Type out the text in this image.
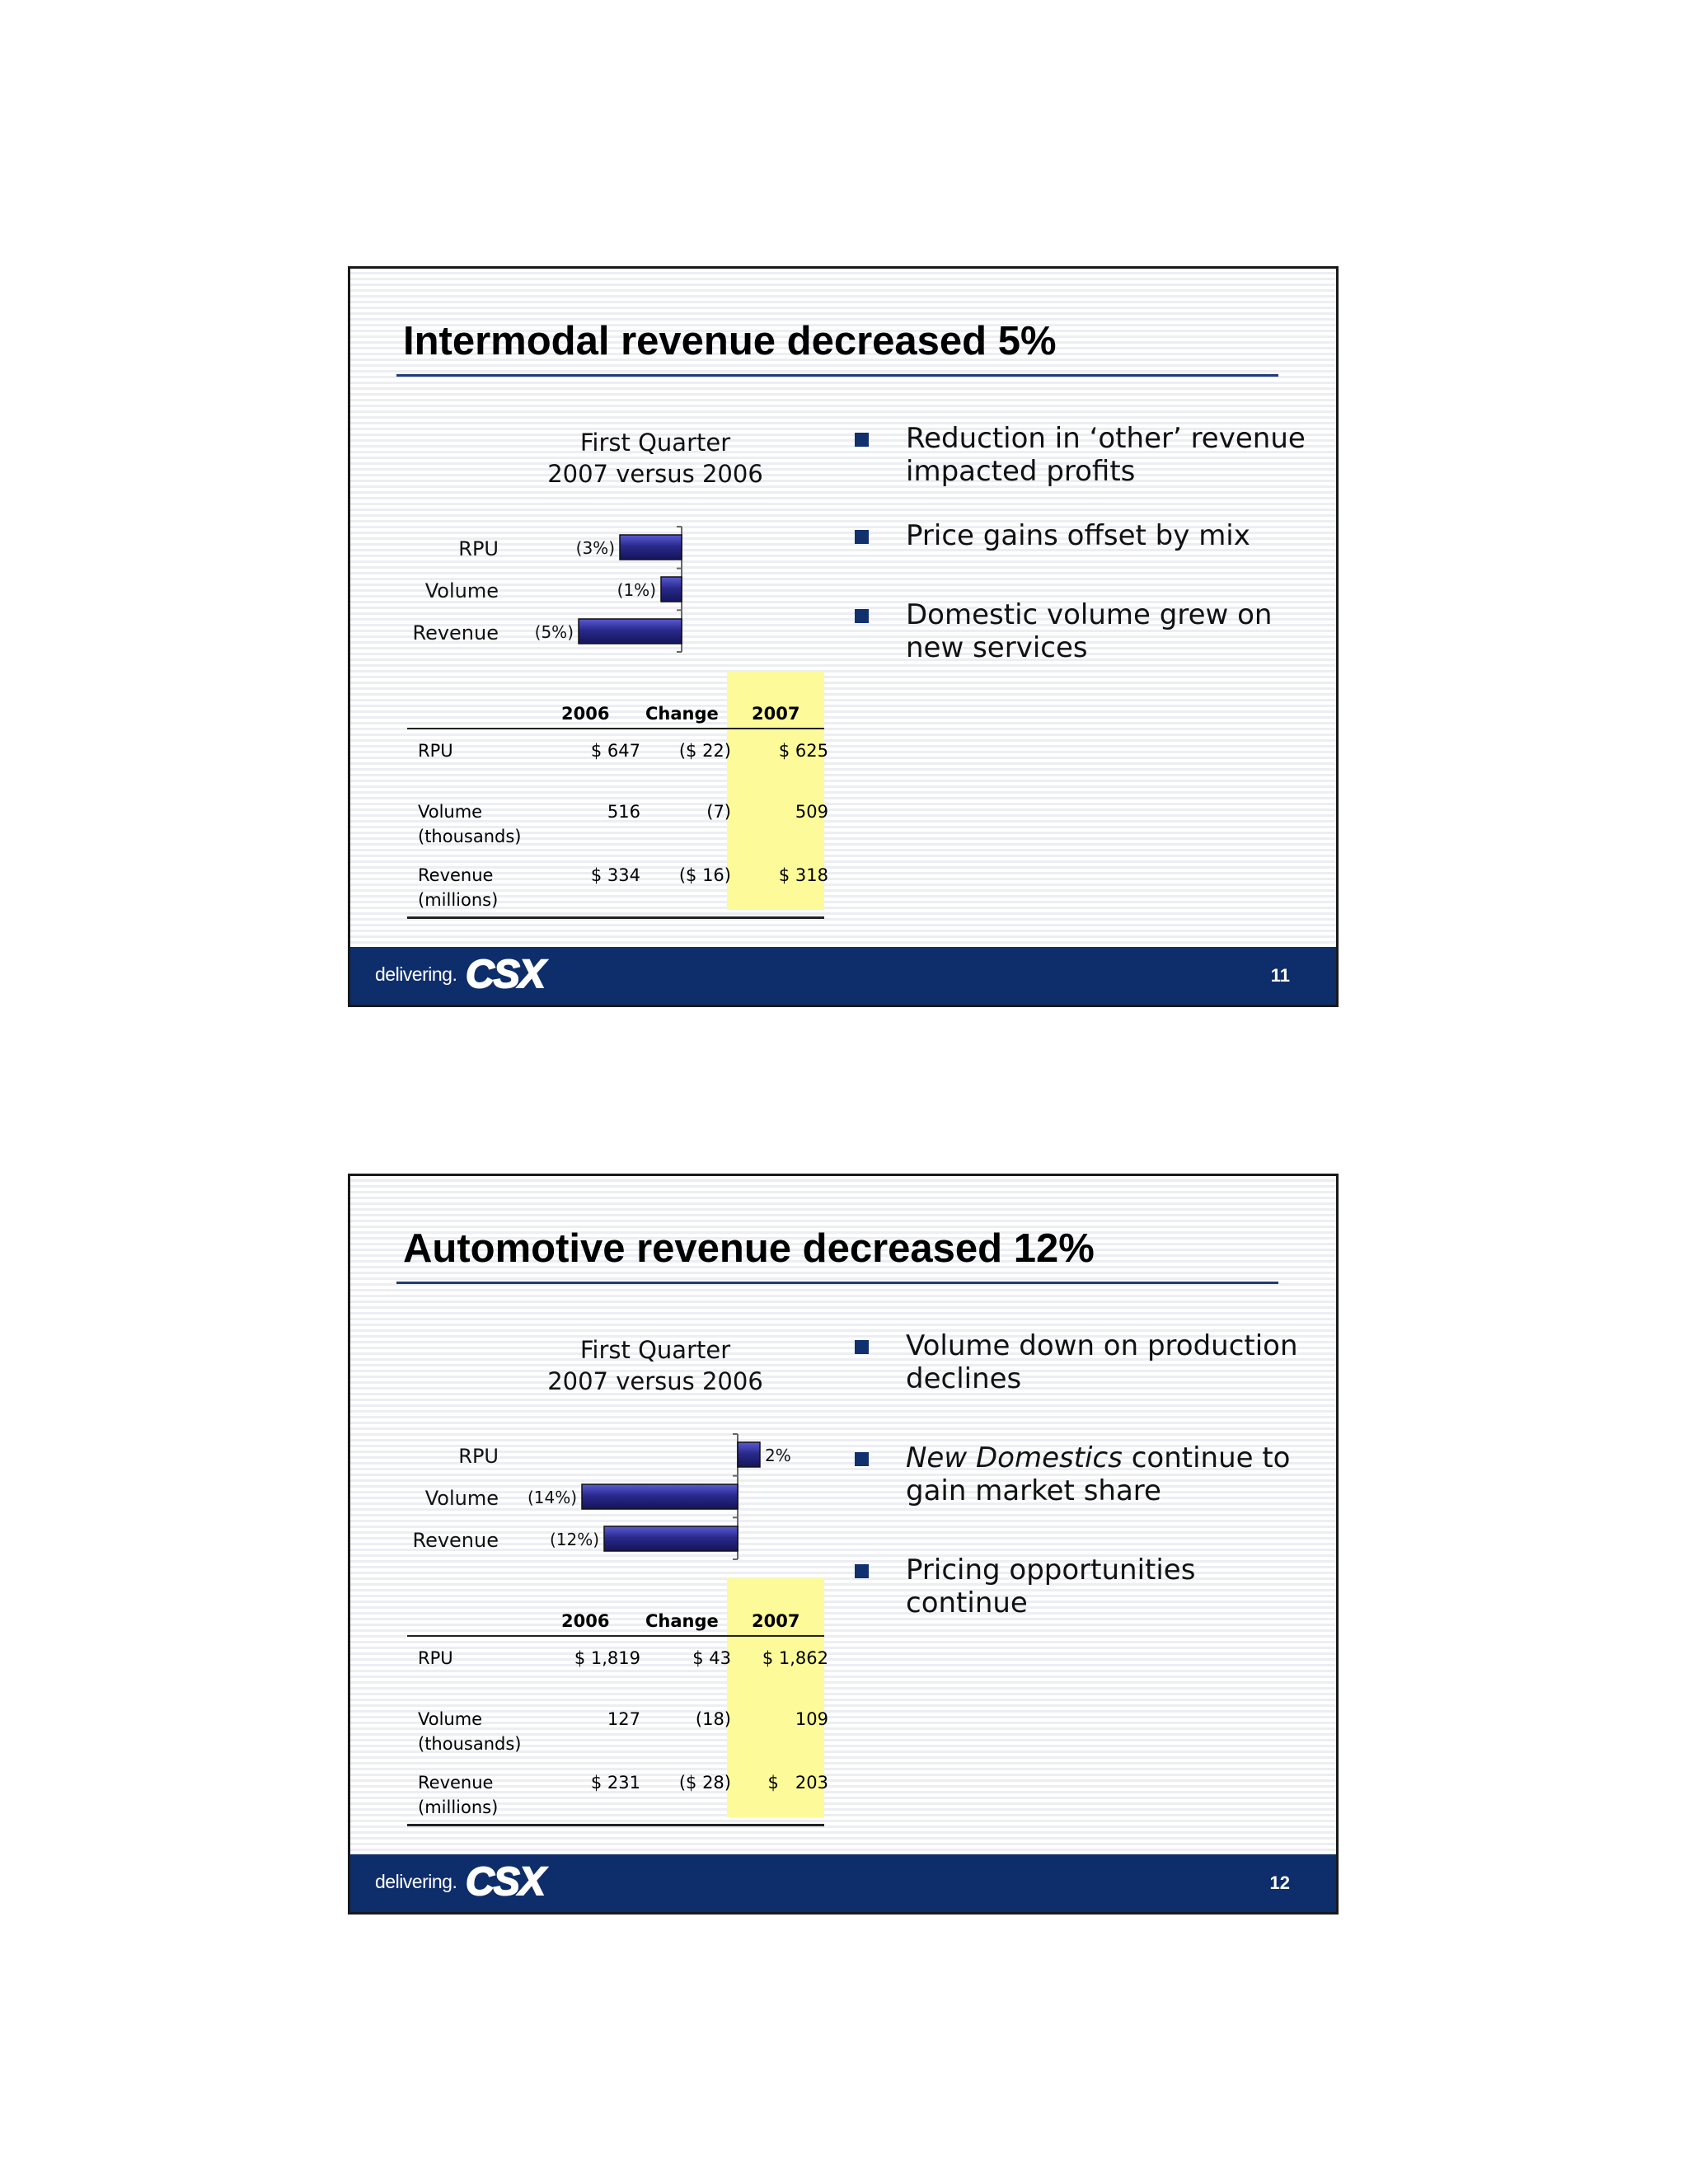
Intermodal revenue decreased 5%
First Quarter
2007 versus 2006
RPU	(3%)
Volume	(1%)
Revenue (5%)
Reduction in ‘other’ revenue impacted profits
Price gains offset by mix
Domestic volume grew on new services
2006 Change 2007
RPU	$ 647 ($ 22)	$ 625
Volume
(thousands)
516	(7)	509
Revenue
(millions)
$ 334 ($ 16)	$ 318
delivering. CSX	11
Automotive revenue decreased 12%
First Quarter
2007 versus 2006
RPU	2%
Volume (14%)
Revenue	(12%)
Volume down on production declines
New Domestics continue to gain market share
Pricing opportunities continue
2006 Change 2007
RPU	$ 1,819	$ 43 $ 1,862
Volume
(thousands)
127	(18)	109
Revenue
(millions)
$ 231 ($ 28) $   203
delivering. CSX	12
